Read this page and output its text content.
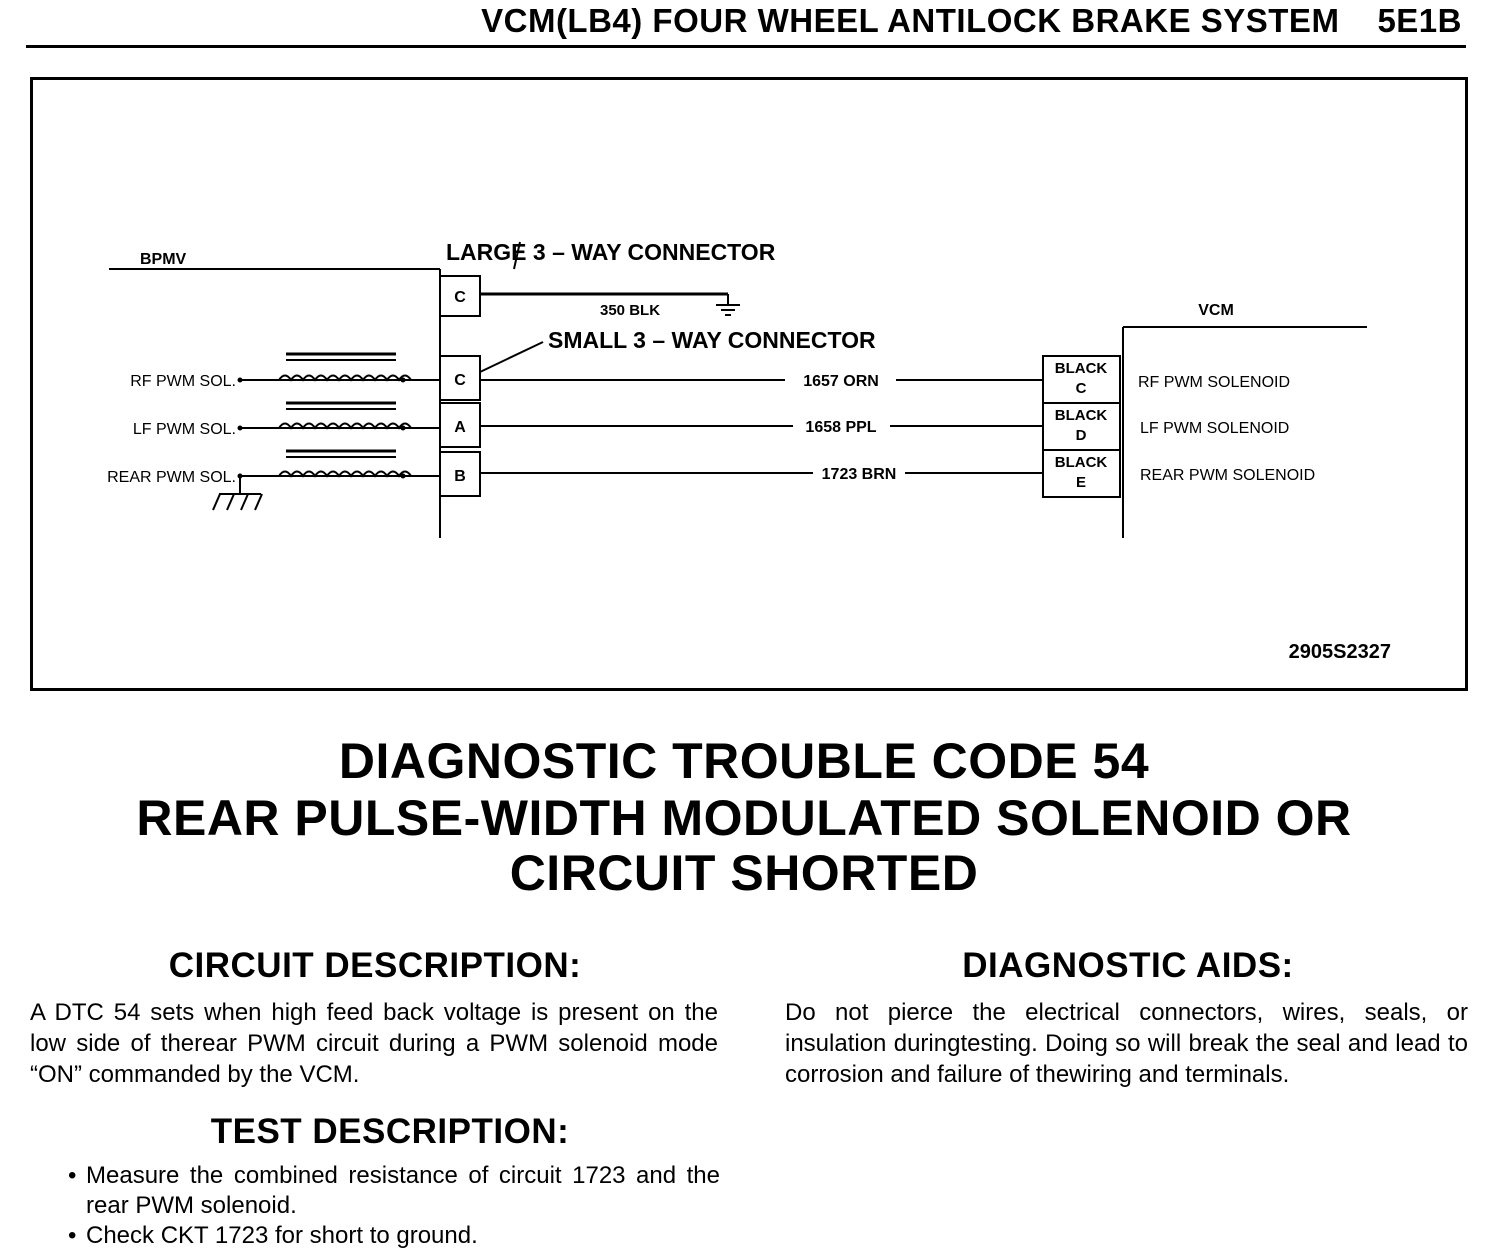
VCM(LB4) FOUR WHEEL ANTILOCK BRAKE SYSTEM 5E1B
BPMV	LARGE 3 – WAY CONNECTOR
SMALL 3 – WAY CONNECTOR
350 BLK
C
C
A
B
RF PWM SOL.
LF PWM SOL.
REAR PWM SOL.
1657 ORN
1658 PPL
1723 BRN
VCM
BLACK
C
BLACK
D
BLACK
E
RF PWM SOLENOID
LF PWM SOLENOID
REAR PWM SOLENOID
2905S2327
DIAGNOSTIC TROUBLE CODE 54
REAR PULSE-WIDTH MODULATED SOLENOID OR
CIRCUIT SHORTED
CIRCUIT DESCRIPTION:
A DTC 54 sets when high feed back voltage is present on the low side of therear PWM circuit during a PWM solenoid mode “ON” commanded by the VCM.
TEST DESCRIPTION:
• Measure the combined resistance of circuit 1723 and the rear PWM solenoid.
• Check CKT 1723 for short to ground.
DIAGNOSTIC AIDS:
Do not pierce the electrical connectors, wires, seals, or insulation duringtesting. Doing so will break the seal and lead to corrosion and failure of thewiring and terminals.
